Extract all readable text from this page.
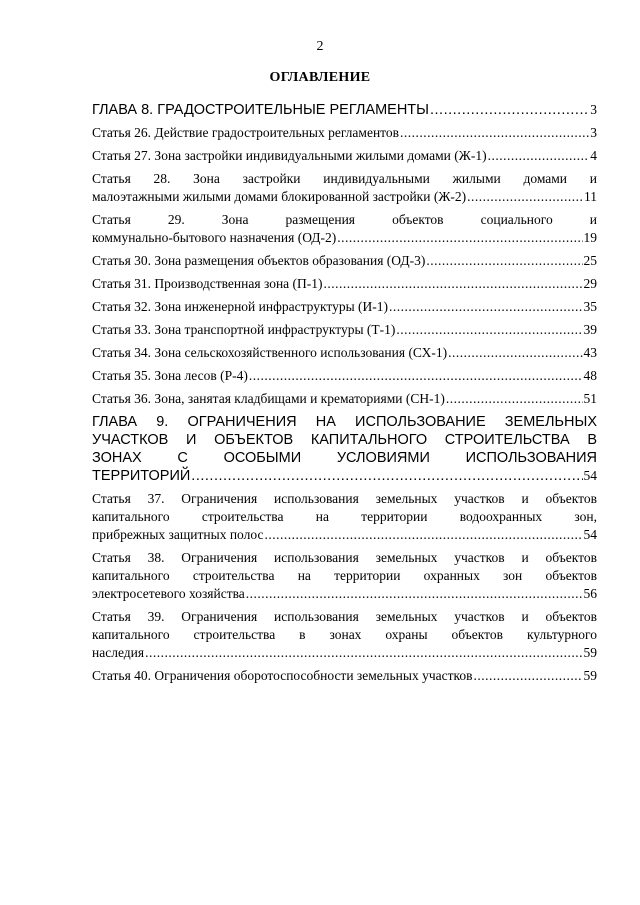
2
ОГЛАВЛЕНИЕ
ГЛАВА 8. ГРАДОСТРОИТЕЛЬНЫЕ РЕГЛАМЕНТЫ .....	3
Статья 26. Действие градостроительных регламентов .....	3
Статья 27. Зона застройки индивидуальными жилыми домами (Ж-1) .....	4
Статья 28. Зона застройки индивидуальными жилыми домами и
малоэтажными жилыми домами блокированной застройки (Ж-2) .....	11
Статья 29. Зона размещения объектов социального и
коммунально-бытового назначения (ОД-2) .....	19
Статья 30. Зона размещения объектов образования (ОД-3) .....	25
Статья 31. Производственная зона (П-1) .....	29
Статья 32. Зона инженерной инфраструктуры (И-1) .....	35
Статья 33. Зона транспортной инфраструктуры (Т-1) .....	39
Статья 34. Зона сельскохозяйственного использования (СХ-1) .....	43
Статья 35. Зона лесов (Р-4) .....	48
Статья 36. Зона, занятая кладбищами и крематориями (СН-1) .....	51
ГЛАВА 9. ОГРАНИЧЕНИЯ НА ИСПОЛЬЗОВАНИЕ ЗЕМЕЛЬНЫХ
УЧАСТКОВ И ОБЪЕКТОВ КАПИТАЛЬНОГО СТРОИТЕЛЬСТВА В
ЗОНАХ С ОСОБЫМИ УСЛОВИЯМИ ИСПОЛЬЗОВАНИЯ
ТЕРРИТОРИЙ .....	54
Статья 37. Ограничения использования земельных участков и объектов
капитального строительства на территории водоохранных зон,
прибрежных защитных полос .....	54
Статья 38. Ограничения использования земельных участков и объектов
капитального строительства на территории охранных зон объектов
электросетевого хозяйства .....	56
Статья 39. Ограничения использования земельных участков и объектов
капитального строительства в зонах охраны объектов культурного
наследия .....	59
Статья 40. Ограничения оборотоспособности земельных участков .....	59
